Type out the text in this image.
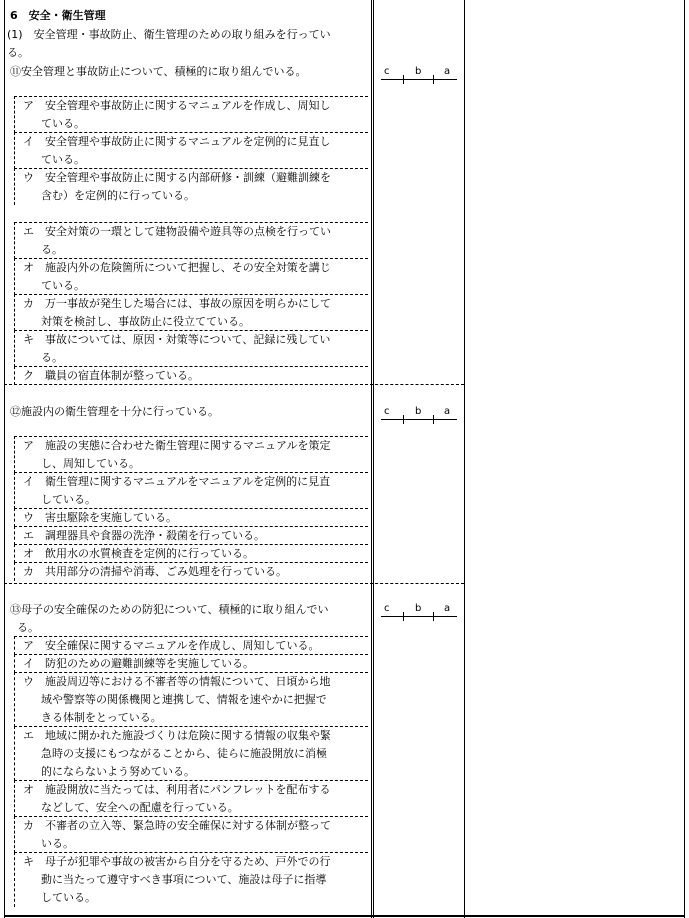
6　安全・衛生管理
(1)　安全管理・事故防止、衛生管理のための取り組みを行ってい
る。
⑪安全管理と事故防止について、積極的に取り組んでいる。	c	b a
ア　安全管理や事故防止に関するマニュアルを作成し、周知し
ている。
イ　安全管理や事故防止に関するマニュアルを定例的に見直し
ている。
ウ　安全管理や事故防止に関する内部研修・訓練（避難訓練を
含む）を定例的に行っている。
エ　安全対策の一環として建物設備や遊具等の点検を行ってい
る。
オ　施設内外の危険箇所について把握し、その安全対策を講じ
ている。
カ　万一事故が発生した場合には、事故の原因を明らかにして
対策を検討し、事故防止に役立てている。
キ　事故については、原因・対策等について、記録に残してい
る。
ク　職員の宿直体制が整っている。
⑫施設内の衛生管理を十分に行っている。	c	b a
ア　施設の実態に合わせた衛生管理に関するマニュアルを策定
し、周知している。
イ　衛生管理に関するマニュアルをマニュアルを定例的に見直
している。
ウ　害虫駆除を実施している。
エ　調理器具や食器の洗浄・殺菌を行っている。
オ　飲用水の水質検査を定例的に行っている。
カ　共用部分の清掃や消毒、ごみ処理を行っている。
⑬母子の安全確保のための防犯について、積極的に取り組んでい
る。
c	b a
ア　安全確保に関するマニュアルを作成し、周知している。
イ　防犯のための避難訓練等を実施している。
ウ　施設周辺等における不審者等の情報について、日頃から地
域や警察等の関係機関と連携して、情報を速やかに把握で
きる体制をとっている。
エ　地域に開かれた施設づくりは危険に関する情報の収集や緊
急時の支援にもつながることから、徒らに施設開放に消極
的にならないよう努めている。
オ　施設開放に当たっては、利用者にパンフレットを配布する
などして、安全への配慮を行っている。
カ　不審者の立入等、緊急時の安全確保に対する体制が整って
いる。
キ　母子が犯罪や事故の被害から自分を守るため、戸外での行
動に当たって遵守すべき事項について、施設は母子に指導
している。
